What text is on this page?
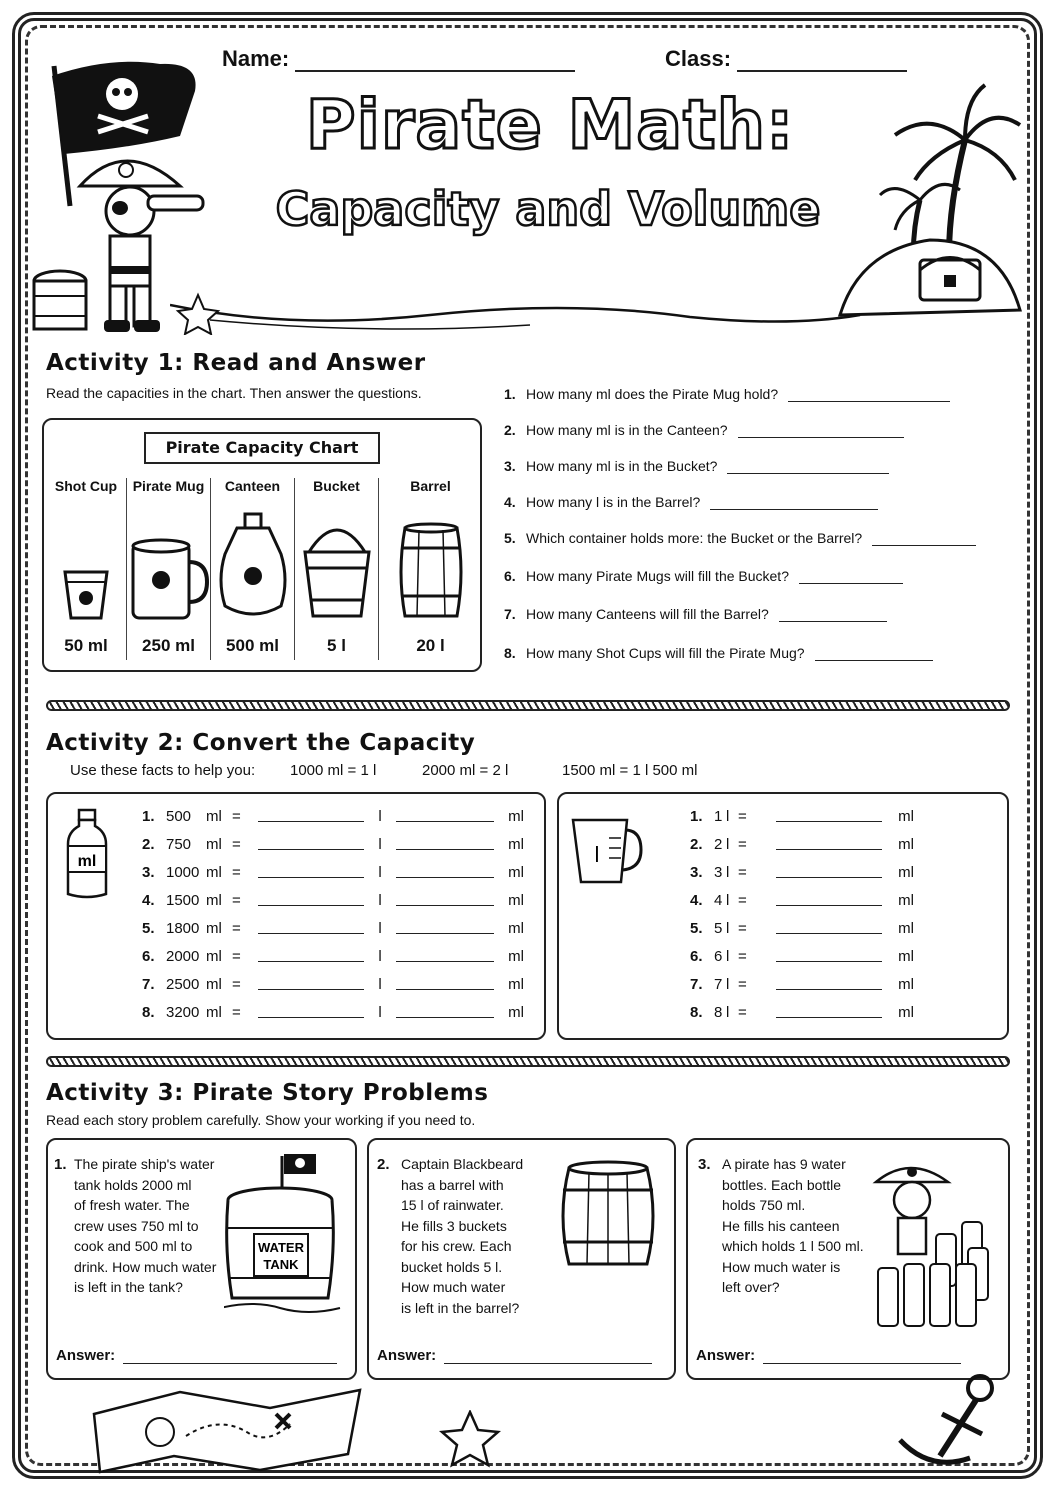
Name:	Class:
Pirate Math:
Capacity and Volume
Activity 1: Read and Answer
Read the capacities in the chart. Then answer the questions.
Pirate Capacity Chart
Shot Cup
50 ml
Pirate Mug
250 ml
Canteen
500 ml
Bucket
5 l
Barrel
20 l
1. How many ml does the Pirate Mug hold?
2. How many ml is in the Canteen?
3. How many ml is in the Bucket?
4. How many l is in the Barrel?
5. Which container holds more: the Bucket or the Barrel?
6. How many Pirate Mugs will fill the Bucket?
7. How many Canteens will fill the Barrel?
8. How many Shot Cups will fill the Pirate Mug?
Activity 2: Convert the Capacity
Use these facts to help you: 1000 ml = 1 l	2000 ml = 2 l	1500 ml = 1 l 500 ml
ml	l
1. 500 ml =	l	ml
2. 750 ml =	l	ml
3. 1000 ml =	l	ml
4. 1500 ml =	l	ml
5. 1800 ml =	l	ml
6. 2000 ml =	l	ml
7. 2500 ml =	l	ml
8. 3200 ml =	l	ml
1. 1 l =	ml
2. 2 l =	ml
3. 3 l =	ml
4. 4 l =	ml
5. 5 l =	ml
6. 6 l =	ml
7. 7 l =	ml
8. 8 l =	ml
Activity 3: Pirate Story Problems
Read each story problem carefully. Show your working if you need to.
1. The pirate ship's water
tank holds 2000 ml
of fresh water. The
crew uses 750 ml to
cook and 500 ml to
drink. How much water
is left in the tank?
WATER
TANK
Answer:
2. Captain Blackbeard
has a barrel with
15 l of rainwater.
He fills 3 buckets
for his crew. Each
bucket holds 5 l.
How much water
is left in the barrel?
Answer:
3. A pirate has 9 water
bottles. Each bottle
holds 750 ml.
He fills his canteen
which holds 1 l 500 ml.
How much water is
left over?
Answer:
